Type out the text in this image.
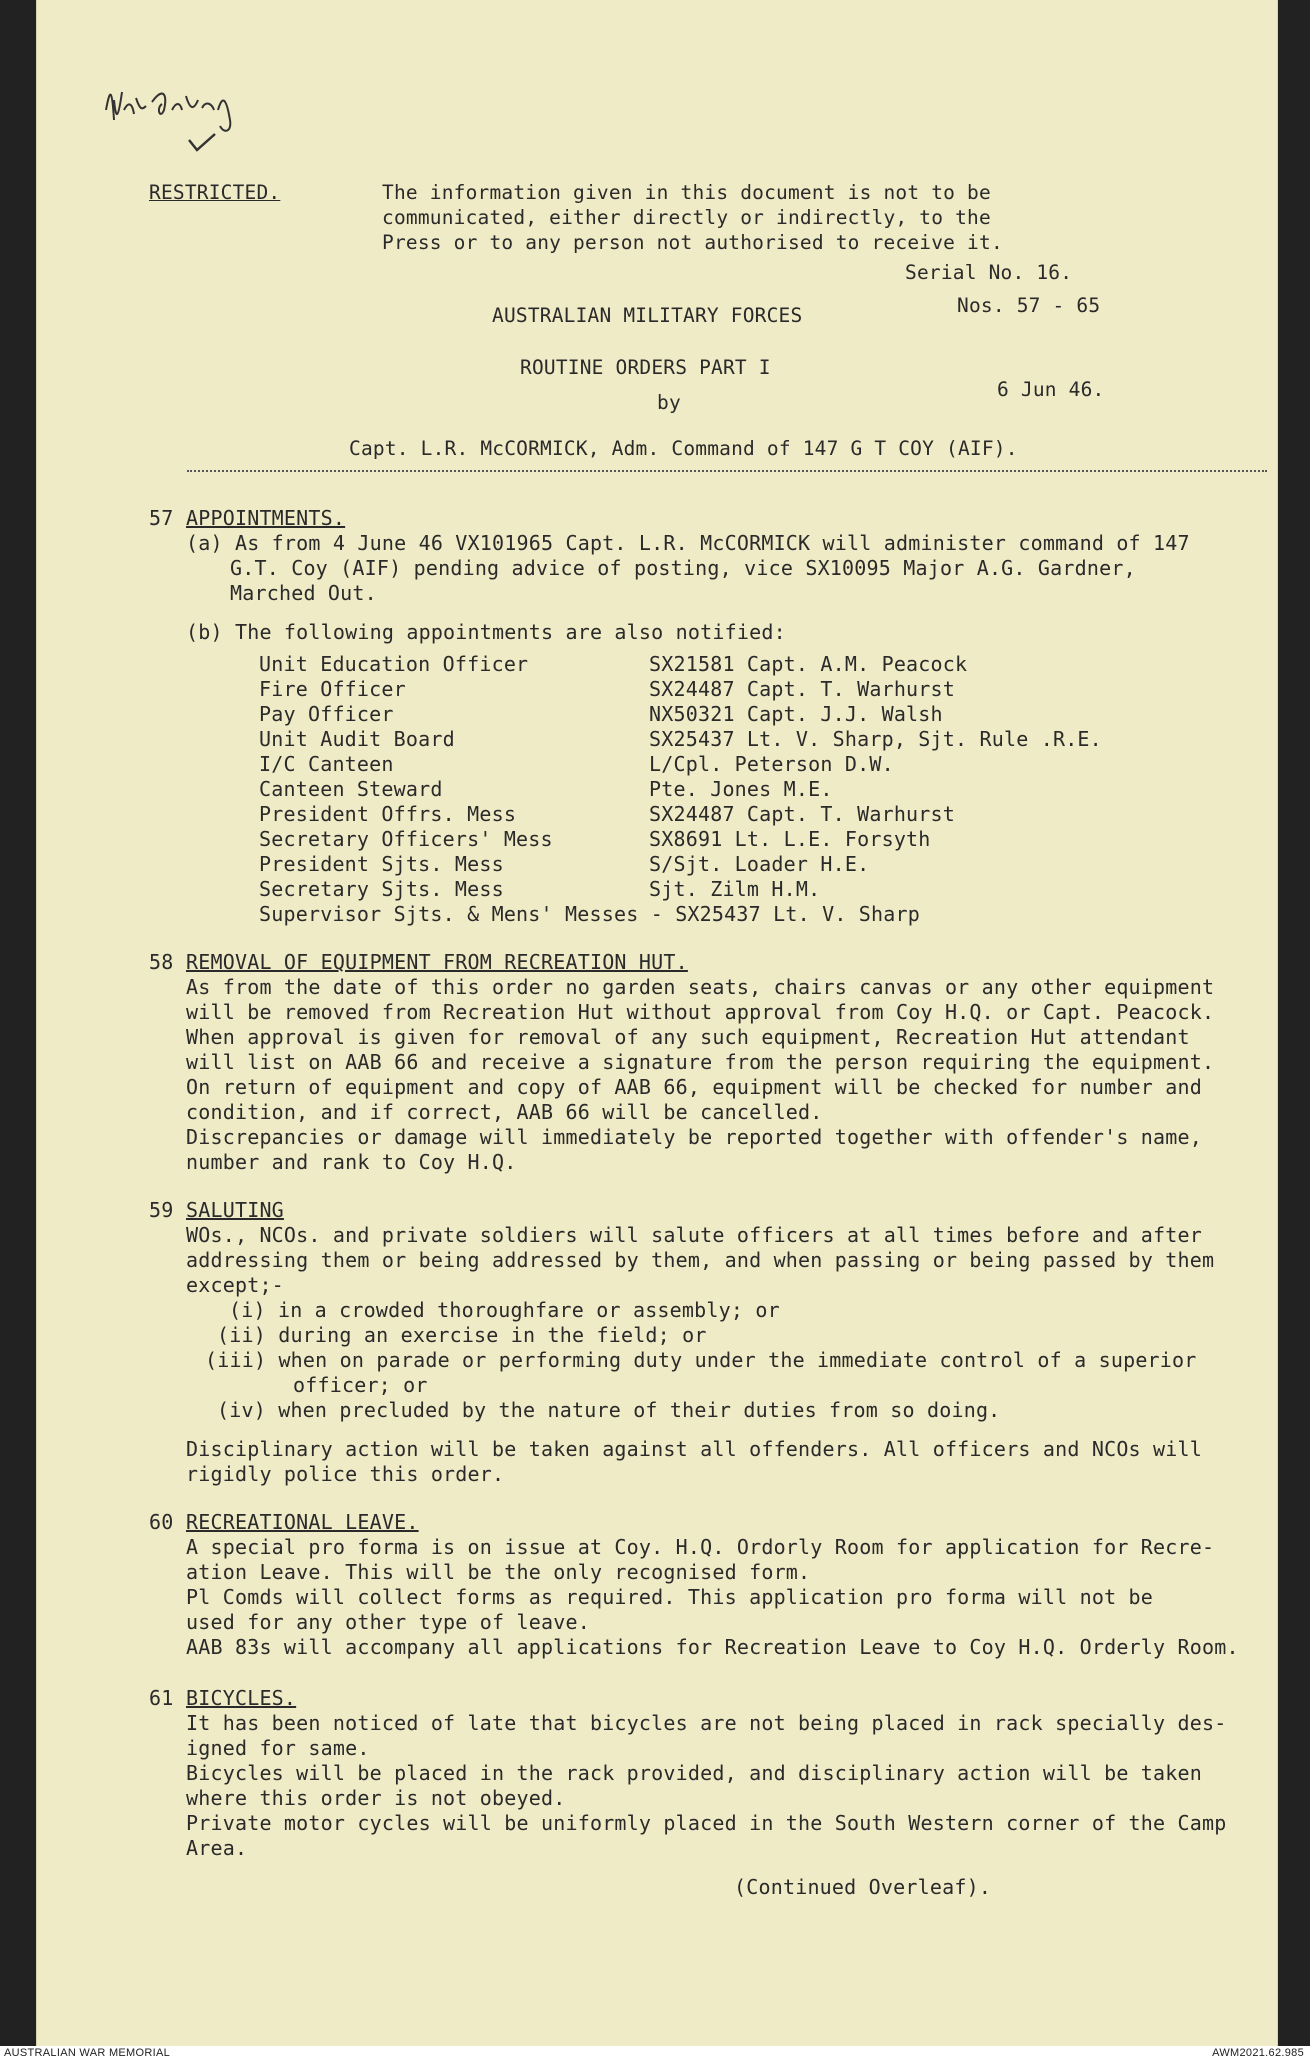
RESTRICTED.	The information given in this document is not to be
communicated, either directly or indirectly, to the
Press or to any person not authorised to receive it.
Serial No. 16.
AUSTRALIAN MILITARY FORCES	Nos. 57 - 65
ROUTINE ORDERS PART I
by
6 Jun 46.
Capt. L.R. McCORMICK, Adm. Command of 147 G T COY (AIF).
57 APPOINTMENTS.
(a) As from 4 June 46 VX101965 Capt. L.R. McCORMICK will administer command of 147
G.T. Coy (AIF) pending advice of posting, vice SX10095 Major A.G. Gardner,
Marched Out.
(b) The following appointments are also notified:
Unit Education Officer	SX21581 Capt. A.M. Peacock
Fire Officer	SX24487 Capt. T. Warhurst
Pay Officer	NX50321 Capt. J.J. Walsh
Unit Audit Board	SX25437 Lt. V. Sharp, Sjt. Rule .R.E.
I/C Canteen	L/Cpl. Peterson D.W.
Canteen Steward	Pte. Jones M.E.
President Offrs. Mess	SX24487 Capt. T. Warhurst
Secretary Officers' Mess	SX8691 Lt. L.E. Forsyth
President Sjts. Mess	S/Sjt. Loader H.E.
Secretary Sjts. Mess	Sjt. Zilm H.M.
Supervisor Sjts. & Mens' Messes - SX25437 Lt. V. Sharp
58 REMOVAL OF EQUIPMENT FROM RECREATION HUT.
As from the date of this order no garden seats, chairs canvas or any other equipment
will be removed from Recreation Hut without approval from Coy H.Q. or Capt. Peacock.
When approval is given for removal of any such equipment, Recreation Hut attendant
will list on AAB 66 and receive a signature from the person requiring the equipment.
On return of equipment and copy of AAB 66, equipment will be checked for number and
condition, and if correct, AAB 66 will be cancelled.
Discrepancies or damage will immediately be reported together with offender's name,
number and rank to Coy H.Q.
59 SALUTING
WOs., NCOs. and private soldiers will salute officers at all times before and after
addressing them or being addressed by them, and when passing or being passed by them
except;-
(i) in a crowded thoroughfare or assembly; or
(ii) during an exercise in the field; or
(iii) when on parade or performing duty under the immediate control of a superior
officer; or
(iv) when precluded by the nature of their duties from so doing.
Disciplinary action will be taken against all offenders. All officers and NCOs will
rigidly police this order.
60 RECREATIONAL LEAVE.
A special pro forma is on issue at Coy. H.Q. Ordorly Room for application for Recre-
ation Leave. This will be the only recognised form.
Pl Comds will collect forms as required. This application pro forma will not be
used for any other type of leave.
AAB 83s will accompany all applications for Recreation Leave to Coy H.Q. Orderly Room.
61 BICYCLES.
It has been noticed of late that bicycles are not being placed in rack specially des-
igned for same.
Bicycles will be placed in the rack provided, and disciplinary action will be taken
where this order is not obeyed.
Private motor cycles will be uniformly placed in the South Western corner of the Camp
Area.
(Continued Overleaf).
AUSTRALIAN WAR MEMORIAL	AWM2021.62.985
